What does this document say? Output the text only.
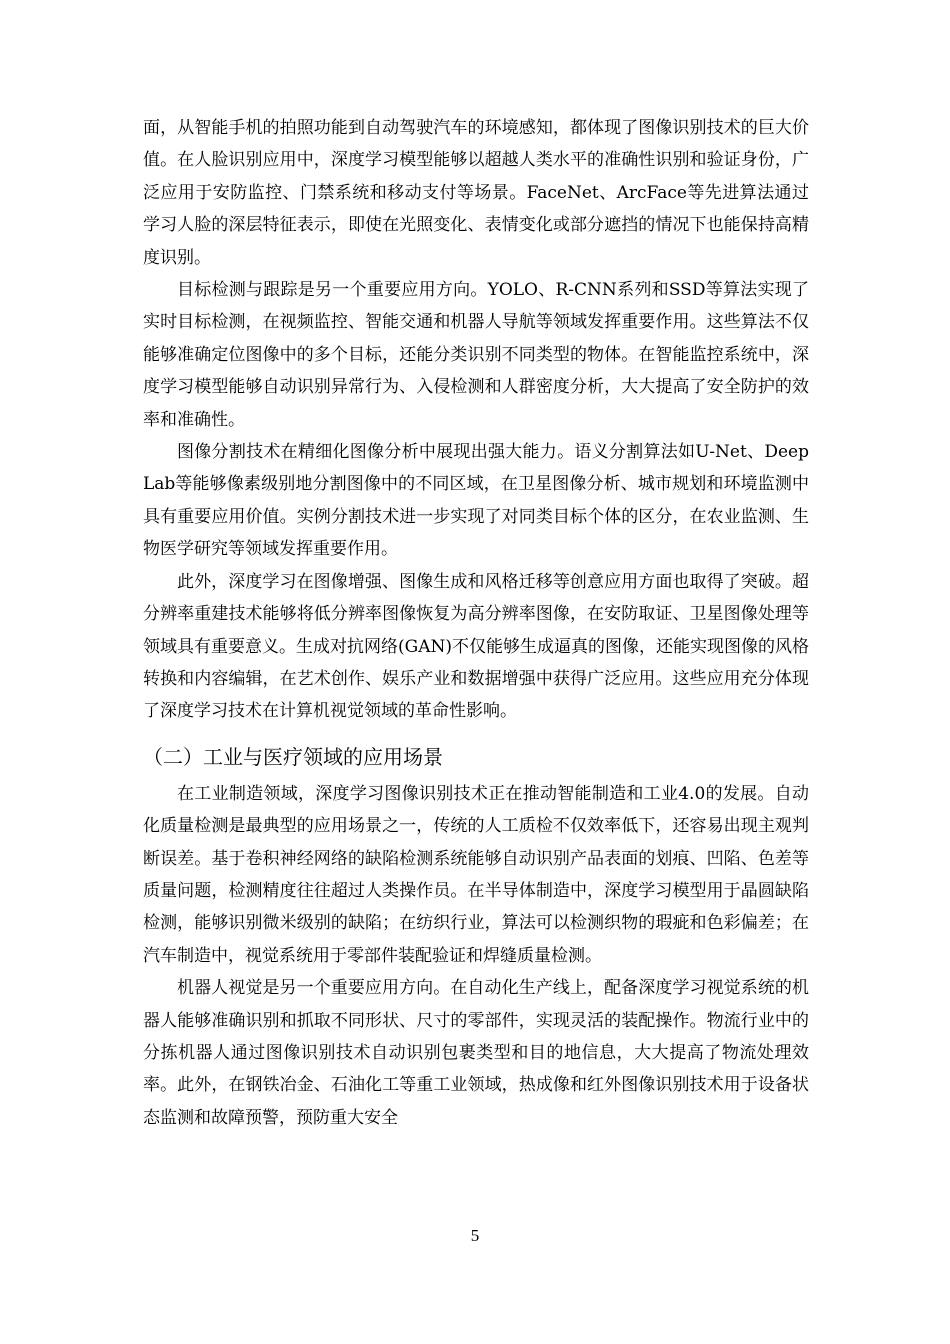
面，从智能手机的拍照功能到自动驾驶汽车的环境感知，都体现了图像识别技术的巨大价值。在人脸识别应用中，深度学习模型能够以超越人类水平的准确性识别和验证身份，广泛应用于安防监控、门禁系统和移动支付等场景。FaceNet、ArcFace等先进算法通过学习人脸的深层特征表示，即使在光照变化、表情变化或部分遮挡的情况下也能保持高精度识别。

目标检测与跟踪是另一个重要应用方向。YOLO、R-CNN系列和SSD等算法实现了实时目标检测，在视频监控、智能交通和机器人导航等领域发挥重要作用。这些算法不仅能够准确定位图像中的多个目标，还能分类识别不同类型的物体。在智能监控系统中，深度学习模型能够自动识别异常行为、入侵检测和人群密度分析，大大提高了安全防护的效率和准确性。

图像分割技术在精细化图像分析中展现出强大能力。语义分割算法如U-Net、DeepLab等能够像素级别地分割图像中的不同区域，在卫星图像分析、城市规划和环境监测中具有重要应用价值。实例分割技术进一步实现了对同类目标个体的区分，在农业监测、生物医学研究等领域发挥重要作用。

此外，深度学习在图像增强、图像生成和风格迁移等创意应用方面也取得了突破。超分辨率重建技术能够将低分辨率图像恢复为高分辨率图像，在安防取证、卫星图像处理等领域具有重要意义。生成对抗网络(GAN)不仅能够生成逼真的图像，还能实现图像的风格转换和内容编辑，在艺术创作、娱乐产业和数据增强中获得广泛应用。这些应用充分体现了深度学习技术在计算机视觉领域的革命性影响。

（二）工业与医疗领域的应用场景

在工业制造领域，深度学习图像识别技术正在推动智能制造和工业4.0的发展。自动化质量检测是最典型的应用场景之一，传统的人工质检不仅效率低下，还容易出现主观判断误差。基于卷积神经网络的缺陷检测系统能够自动识别产品表面的划痕、凹陷、色差等质量问题，检测精度往往超过人类操作员。在半导体制造中，深度学习模型用于晶圆缺陷检测，能够识别微米级别的缺陷；在纺织行业，算法可以检测织物的瑕疵和色彩偏差；在汽车制造中，视觉系统用于零部件装配验证和焊缝质量检测。

机器人视觉是另一个重要应用方向。在自动化生产线上，配备深度学习视觉系统的机器人能够准确识别和抓取不同形状、尺寸的零部件，实现灵活的装配操作。物流行业中的分拣机器人通过图像识别技术自动识别包裹类型和目的地信息，大大提高了物流处理效率。此外，在钢铁冶金、石油化工等重工业领域，热成像和红外图像识别技术用于设备状态监测和故障预警，预防重大安全

5
